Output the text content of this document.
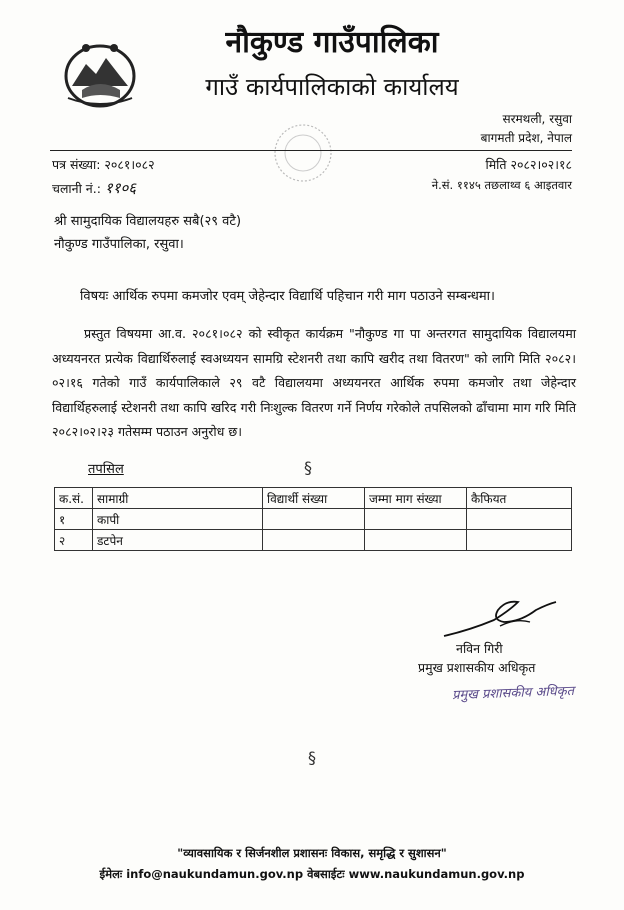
नौकुण्ड गाउँपालिका
गाउँ कार्यपालिकाको कार्यालय
सरमथली, रसुवा
बागमती प्रदेश, नेपाल
पत्र संख्या: २०८१।०८२
चलानी नं.: ११०६
मिति २०८२।०२।१८
ने.सं. ११४५ तछलाथ्व ६ आइतवार
श्री सामुदायिक विद्यालयहरु सबै(२९ वटै)
नौकुण्ड गाउँपालिका, रसुवा।
विषयः आर्थिक रुपमा कमजोर एवम् जेहेन्दार विद्यार्थि पहिचान गरी माग पठाउने सम्बन्धमा।

प्रस्तुत विषयमा आ.व. २०८१।०८२ को स्वीकृत कार्यक्रम "नौकुण्ड गा पा अन्तरगत सामुदायिक विद्यालयमा अध्ययनरत प्रत्येक विद्यार्थिरुलाई स्वअध्ययन सामग्रि स्टेशनरी तथा कापि खरीद तथा वितरण" को लागि मिति २०८२।०२।१६ गतेको गाउँ कार्यपालिकाले २९ वटै विद्यालयमा अध्ययनरत आर्थिक रुपमा कमजोर तथा जेहेन्दार विद्यार्थिहरुलाई स्टेशनरी तथा कापि खरिद गरी निःशुल्क वितरण गर्ने निर्णय गरेकोले तपसिलको ढाँचामा माग गरि मिति २०८२।०२।२३ गतेसम्म पठाउन अनुरोध छ।

तपसिल	§
क.सं.	सामाग्री	विद्यार्थी संख्या	जम्मा माग संख्या	कैफियत
१	कापी			
२	डटपेन			
नविन गिरी
प्रमुख प्रशासकीय अधिकृत
प्रमुख प्रशासकीय अधिकृत
§
"व्यावसायिक र सिर्जनशील प्रशासनः विकास, समृद्धि र सुशासन"
ईमेलः info@naukundamun.gov.np वेबसाईटः www.naukundamun.gov.np
